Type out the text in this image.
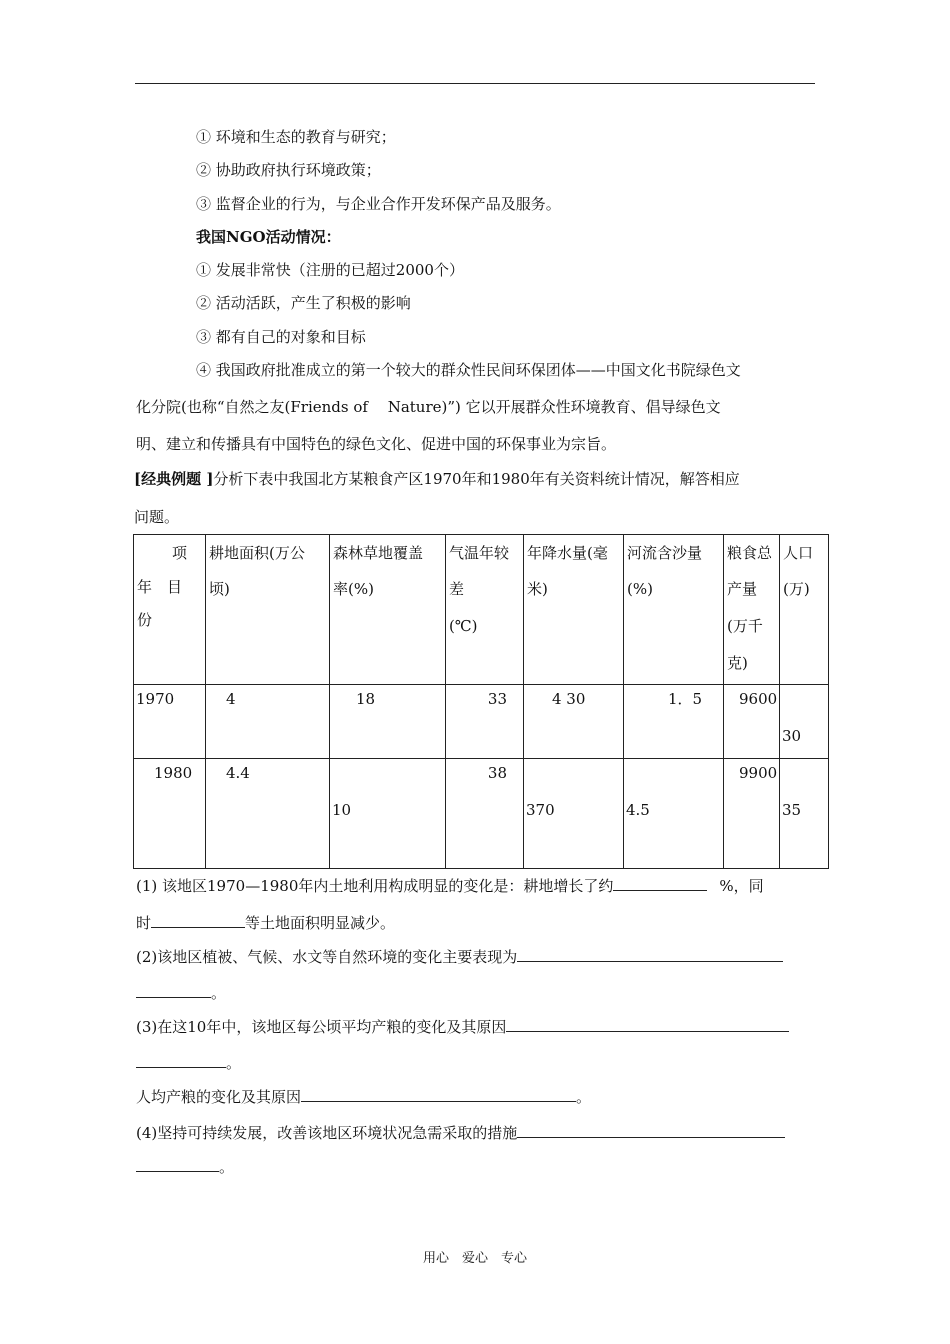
① 环境和生态的教育与研究；
② 协助政府执行环境政策；
③ 监督企业的行为，与企业合作开发环保产品及服务。
我国NGO活动情况：
① 发展非常快（注册的已超过2000个）
② 活动活跃，产生了积极的影响
③ 都有自己的对象和目标
④ 我国政府批准成立的第一个较大的群众性民间环保团体——中国文化书院绿色文
化分院(也称“自然之友(Friends of　 Nature)”) 它以开展群众性环境教育、倡导绿色文
明、建立和传播具有中国特色的绿色文化、促进中国的环保事业为宗旨。
[经典例题 ]分析下表中我国北方某粮食产区1970年和1980年有关资料统计情况，解答相应
问题。
项
年　目
份	耕地面积(万公
顷)	森林草地覆盖
率(%)	气温年较
差
(℃)	年降水量(毫
米)	河流含沙量
(%)	粮食总
产量
(万千
克)	人口
(万)

1970	4	18	33	4 30	1．5	9600	30

1980	4.4	10	38	370	4.5	9900	35
(1) 该地区1970—1980年内土地利用构成明显的变化是：耕地增长了约	%，同
时	等土地面积明显减少。
(2)该地区植被、气候、水文等自然环境的变化主要表现为
。
(3)在这10年中，该地区每公顷平均产粮的变化及其原因
。
人均产粮的变化及其原因	。
(4)坚持可持续发展，改善该地区环境状况急需采取的措施
。
用心　爱心　专心
